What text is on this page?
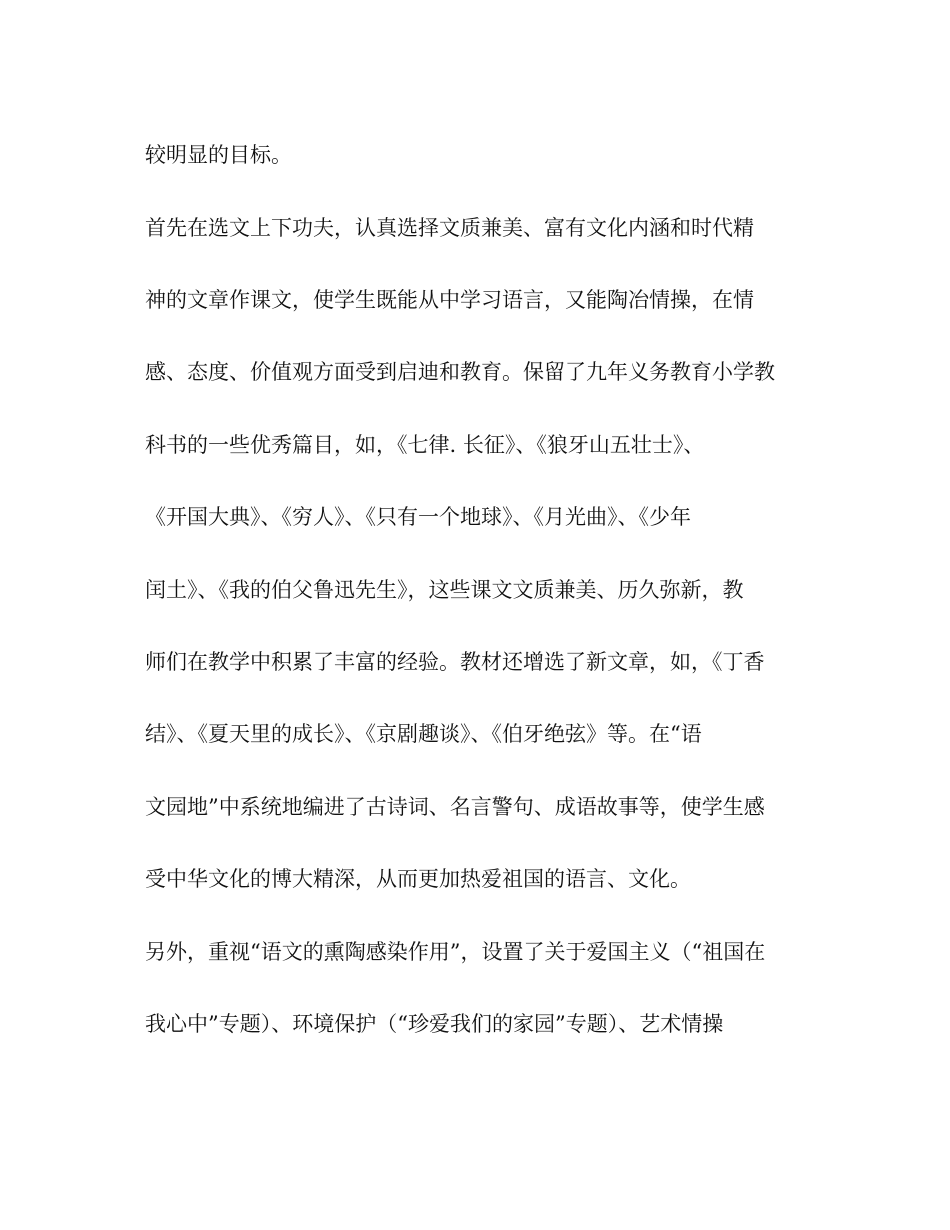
较明显的目标。
首先在选文上下功夫，认真选择文质兼美、富有文化内涵和时代精
神的文章作课文，使学生既能从中学习语言，又能陶冶情操，在情
感、态度、价值观方面受到启迪和教育。保留了九年义务教育小学教
科书的一些优秀篇目，如，《七律. 长征》、《狼牙山五壮士》、
《开国大典》、《穷人》、《只有一个地球》、《月光曲》、《少年
闰土》、《我的伯父鲁迅先生》，这些课文文质兼美、历久弥新，教
师们在教学中积累了丰富的经验。教材还增选了新文章，如，《丁香
结》、《夏天里的成长》、《京剧趣谈》、《伯牙绝弦》等。在“语
文园地”中系统地编进了古诗词、名言警句、成语故事等，使学生感
受中华文化的博大精深，从而更加热爱祖国的语言、文化。
另外，重视“语文的熏陶感染作用”，设置了关于爱国主义（“祖国在
我心中”专题）、环境保护（“珍爱我们的家园”专题）、艺术情操
